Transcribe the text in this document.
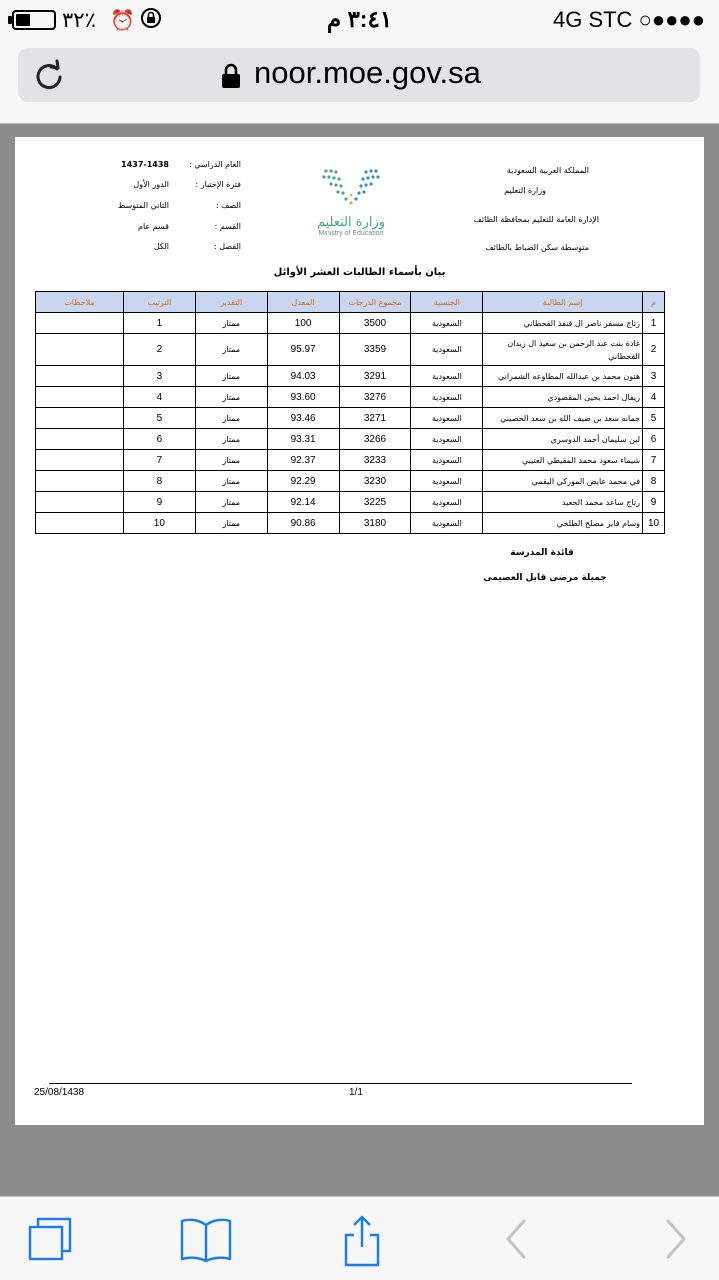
٣٢٪ ⏰	٣:٤١ م	4G STC ○●●●●
noor.moe.gov.sa
المملكة العربية السعودية
وزارة التعليم
الإدارة العامة للتعليم بمحافظة الطائف
متوسطة سكن الضباط بالطائف
وزارة التعليم
Ministry of Education
العام الدراسي :
1437-1438
فترة الإختبار :
الدور الأول
الصف :
الثاني المتوسط
القسم :
قسم عام
الفصل :
الكل
بيان بأسماء الطالبات العشر الأوائل
م	إسم الطالبة	الجنسية	مجموع الدرجات	المعدل	التقدير	الترتيب	ملاحظات
1	رتاج مسفر ناصر ال قنفذ القحطاني	السعودية	3500	100	ممتاز	1	
2	غادة بنت عبد الرحمن بن سعيد ال زيدان القحطاني	السعودية	3359	95.97	ممتاز	2	
3	هتون محمد بن عبدالله المطاوعه الشمراني	السعودية	3291	94.03	ممتاز	3	
4	ريفال احمد يحيى المقصودي	السعودية	3276	93.60	ممتاز	4	
5	جمانه سعد بن ضيف الله بن سعد الحصيني	السعودية	3271	93.46	ممتاز	5	
6	لين سليمان أحمد الدوسري	السعودية	3266	93.31	ممتاز	6	
7	شيماء سعود محمد المقيطي العتيبي	السعودية	3233	92.37	ممتاز	7	
8	في محمد عايض الموركي اليقمي	السعودية	3230	92.29	ممتاز	8	
9	رتاج ساعد محمد الجعيد	السعودية	3225	92.14	ممتاز	9	
10	وسام فايز مصلح الطلحي	السعودية	3180	90.86	ممتاز	10	
قائدة المدرسة
جميلة مرضى قابل العصيمى
25/08/1438	1/1
